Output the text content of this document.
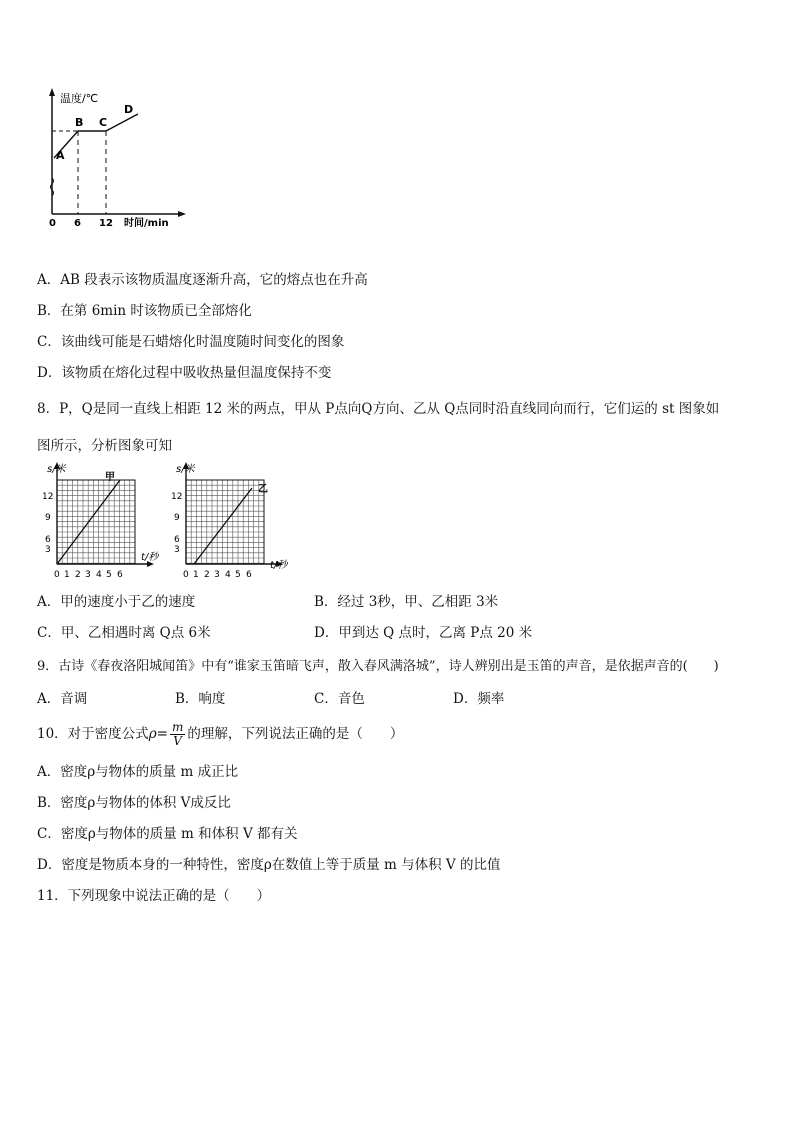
温度/℃
时间/min
0 6 12
A
B C
D
A．AB 段表示该物质温度逐渐升高，它的熔点也在升高
B．在第 6min 时该物质已全部熔化
C．该曲线可能是石蜡熔化时温度随时间变化的图象
D．该物质在熔化过程中吸收热量但温度保持不变
8．P，Q是同一直线上相距 12 米的两点，甲从 P点向Q方向、乙从 Q点同时沿直线同向而行，它们运的 st 图象如
图所示，分析图象可知
s/米
t/秒
甲
12
9
6
3
0 1 2 3 4 5 6
s/米
t/秒
乙
12
9
6
3
0 1 2 3 4 5 6
A．甲的速度小于乙的速度	B．经过 3秒，甲、乙相距 3米
C．甲、乙相遇时离 Q点 6米	D．甲到达 Q 点时，乙离 P点 20 米
9．古诗《春夜洛阳城闻笛》中有“谁家玉笛暗飞声，散入春风满洛城”，诗人辨别出是玉笛的声音，是依据声音的(　　)
A．音调	B．响度	C．音色	D．频率
10．对于密度公式$\rho= \frac{m}{V}$ 的理解，下列说法正确的是（　　）
A．密度ρ与物体的质量 m 成正比
B．密度ρ与物体的体积 V成反比
C．密度ρ与物体的质量 m 和体积 V 都有关
D．密度是物质本身的一种特性，密度ρ在数值上等于质量 m 与体积 V 的比值
11．下列现象中说法正确的是（　　）
